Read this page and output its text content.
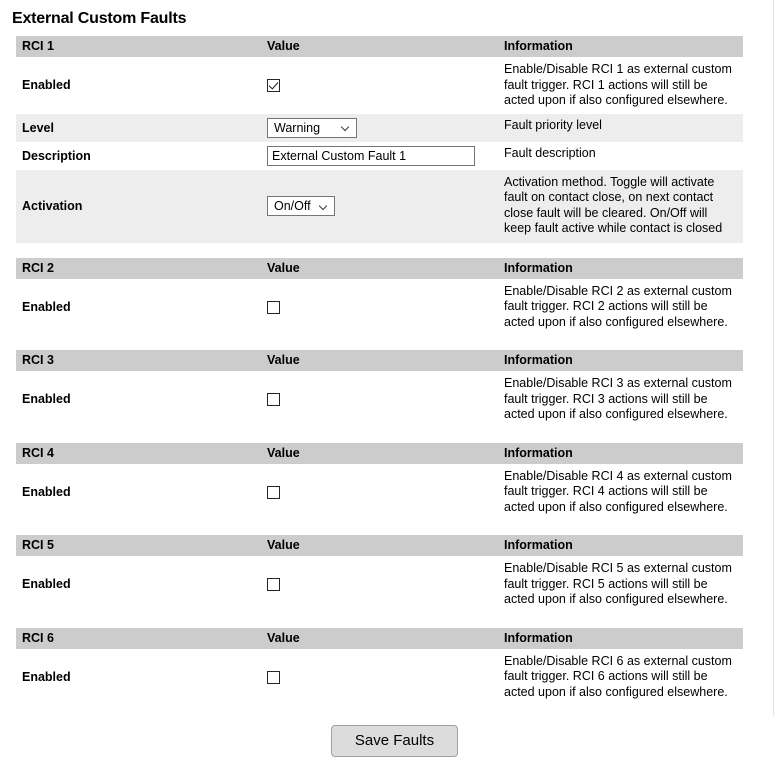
External Custom Faults
RCI 1	Value	Information
Enabled		Enable/Disable RCI 1 as external custom fault trigger. RCI 1 actions will still be acted upon if also configured elsewhere.
Level	Warning	Fault priority level
Description	External Custom Fault 1	Fault description
Activation	On/Off	Activation method. Toggle will activate fault on contact close, on next contact close fault will be cleared. On/Off will keep fault active while contact is closed
RCI 2	Value	Information
Enabled		Enable/Disable RCI 2 as external custom fault trigger. RCI 2 actions will still be acted upon if also configured elsewhere.
RCI 3	Value	Information
Enabled		Enable/Disable RCI 3 as external custom fault trigger. RCI 3 actions will still be acted upon if also configured elsewhere.
RCI 4	Value	Information
Enabled		Enable/Disable RCI 4 as external custom fault trigger. RCI 4 actions will still be acted upon if also configured elsewhere.
RCI 5	Value	Information
Enabled		Enable/Disable RCI 5 as external custom fault trigger. RCI 5 actions will still be acted upon if also configured elsewhere.
RCI 6	Value	Information
Enabled		Enable/Disable RCI 6 as external custom fault trigger. RCI 6 actions will still be acted upon if also configured elsewhere.
Save Faults
